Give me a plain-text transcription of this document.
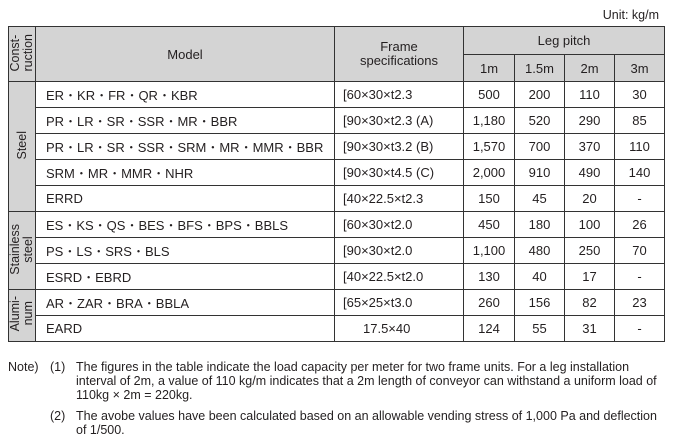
Unit: kg/m
Const-
ruction	Model	Frame
specifications	Leg pitch			
			1m	1.5m	2m	3m
Steel	ER・KR・FR・QR・KBR	[60×30×t2.3	500	200	110	30
	PR・LR・SR・SSR・MR・BBR	[90×30×t2.3 (A)	1,180	520	290	85
	PR・LR・SR・SSR・SRM・MR・MMR・BBR	[90×30×t3.2 (B)	1,570	700	370	110
	SRM・MR・MMR・NHR	[90×30×t4.5 (C)	2,000	910	490	140
	ERRD	[40×22.5×t2.3	150	45	20	-
Stainless
steel	ES・KS・QS・BES・BFS・BPS・BBLS	[60×30×t2.0	450	180	100	26
	PS・LS・SRS・BLS	[90×30×t2.0	1,100	480	250	70
	ESRD・EBRD	[40×22.5×t2.0	130	40	17	-
Alumi-
num	AR・ZAR・BRA・BBLA	[65×25×t3.0	260	156	82	23
	EARD	17.5×40	124	55	31	-
Note) (1) The figures in the table indicate the load capacity per meter for two frame units. For a leg installation interval of 2m, a value of 110 kg/m indicates that a 2m length of conveyor can withstand a uniform load of 110kg × 2m = 220kg.
(2) The avobe values have been calculated based on an allowable vending stress of 1,000 Pa and deflection of 1/500.
